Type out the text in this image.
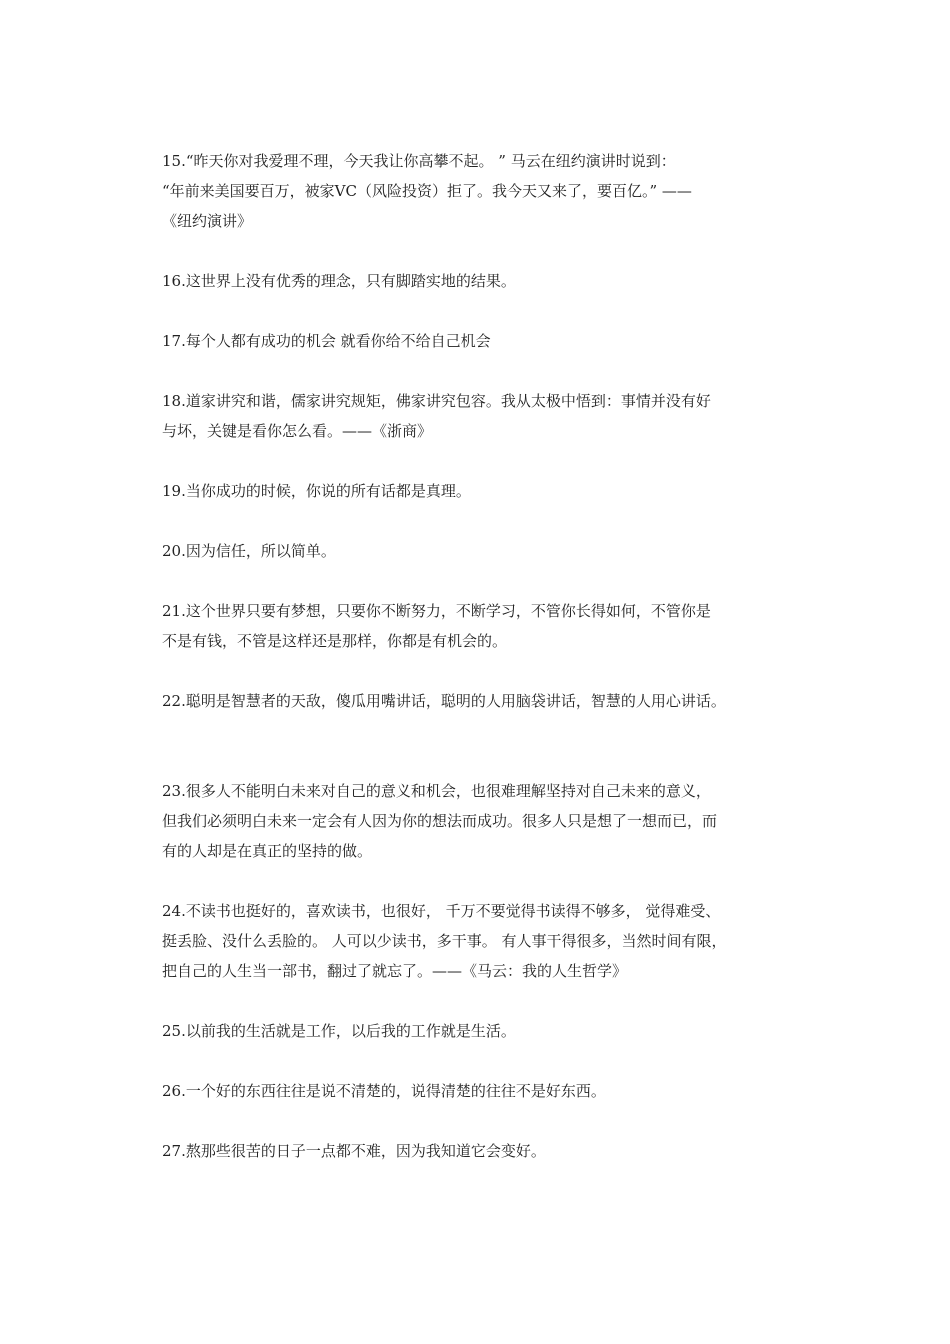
15.“昨天你对我爱理不理，今天我让你高攀不起。 ” 马云在纽约演讲时说到：
“年前来美国要百万，被家VC（风险投资）拒了。我今天又来了，要百亿。” ——
《纽约演讲》

16.这世界上没有优秀的理念，只有脚踏实地的结果。

17.每个人都有成功的机会 就看你给不给自己机会

18.道家讲究和谐，儒家讲究规矩，佛家讲究包容。我从太极中悟到：事情并没有好
与坏，关键是看你怎么看。——《浙商》

19.当你成功的时候，你说的所有话都是真理。

20.因为信任，所以简单。

21.这个世界只要有梦想，只要你不断努力，不断学习，不管你长得如何，不管你是
不是有钱，不管是这样还是那样，你都是有机会的。

22.聪明是智慧者的天敌，傻瓜用嘴讲话，聪明的人用脑袋讲话，智慧的人用心讲话。

23.很多人不能明白未来对自己的意义和机会，也很难理解坚持对自己未来的意义，
但我们必须明白未来一定会有人因为你的想法而成功。很多人只是想了一想而已，而
有的人却是在真正的坚持的做。

24.不读书也挺好的，喜欢读书，也很好， 千万不要觉得书读得不够多， 觉得难受、
挺丢脸、没什么丢脸的。 人可以少读书，多干事。 有人事干得很多，当然时间有限，
把自己的人生当一部书，翻过了就忘了。——《马云：我的人生哲学》

25.以前我的生活就是工作，以后我的工作就是生活。

26.一个好的东西往往是说不清楚的，说得清楚的往往不是好东西。

27.熬那些很苦的日子一点都不难，因为我知道它会变好。
